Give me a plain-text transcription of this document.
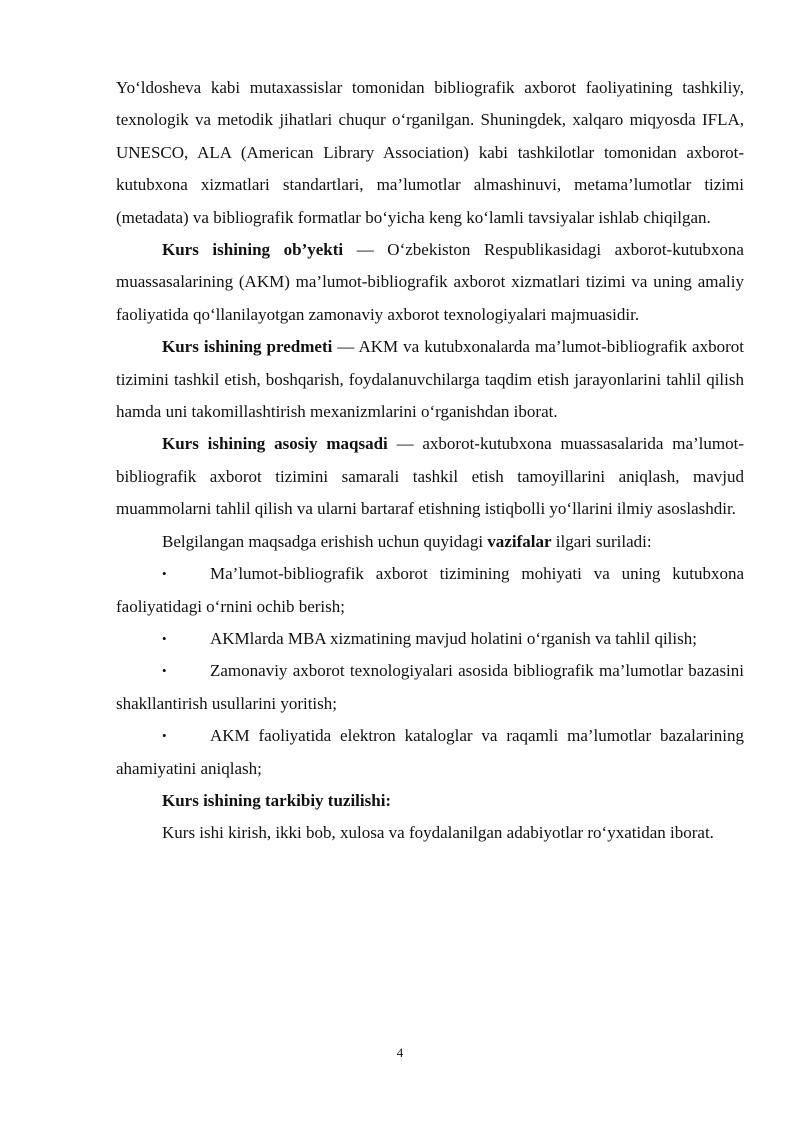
Yo‘ldosheva kabi mutaxassislar tomonidan bibliografik axborot faoliyatining tashkiliy, texnologik va metodik jihatlari chuqur o‘rganilgan. Shuningdek, xalqaro miqyosda IFLA, UNESCO, ALA (American Library Association) kabi tashkilotlar tomonidan axborot-kutubxona xizmatlari standartlari, ma’lumotlar almashinuvi, metama’lumotlar tizimi (metadata) va bibliografik formatlar bo‘yicha keng ko‘lamli tavsiyalar ishlab chiqilgan.

Kurs ishining ob’yekti — O‘zbekiston Respublikasidagi axborot-kutubxona muassasalarining (AKM) ma’lumot-bibliografik axborot xizmatlari tizimi va uning amaliy faoliyatida qo‘llanilayotgan zamonaviy axborot texnologiyalari majmuasidir.

Kurs ishining predmeti — AKM va kutubxonalarda ma’lumot-bibliografik axborot tizimini tashkil etish, boshqarish, foydalanuvchilarga taqdim etish jarayonlarini tahlil qilish hamda uni takomillashtirish mexanizmlarini o‘rganishdan iborat.

Kurs ishining asosiy maqsadi — axborot-kutubxona muassasalarida ma’lumot-bibliografik axborot tizimini samarali tashkil etish tamoyillarini aniqlash, mavjud muammolarni tahlil qilish va ularni bartaraf etishning istiqbolli yo‘llarini ilmiy asoslashdir.

Belgilangan maqsadga erishish uchun quyidagi vazifalar ilgari suriladi:

•	Ma’lumot-bibliografik axborot tizimining mohiyati va uning kutubxona faoliyatidagi o‘rnini ochib berish;

•	AKMlarda MBA xizmatining mavjud holatini o‘rganish va tahlil qilish;

•	Zamonaviy axborot texnologiyalari asosida bibliografik ma’lumotlar bazasini shakllantirish usullarini yoritish;

•	AKM faoliyatida elektron kataloglar va raqamli ma’lumotlar bazalarining ahamiyatini aniqlash;

Kurs ishining tarkibiy tuzilishi:

Kurs ishi kirish, ikki bob, xulosa va foydalanilgan adabiyotlar ro‘yxatidan iborat.

4
